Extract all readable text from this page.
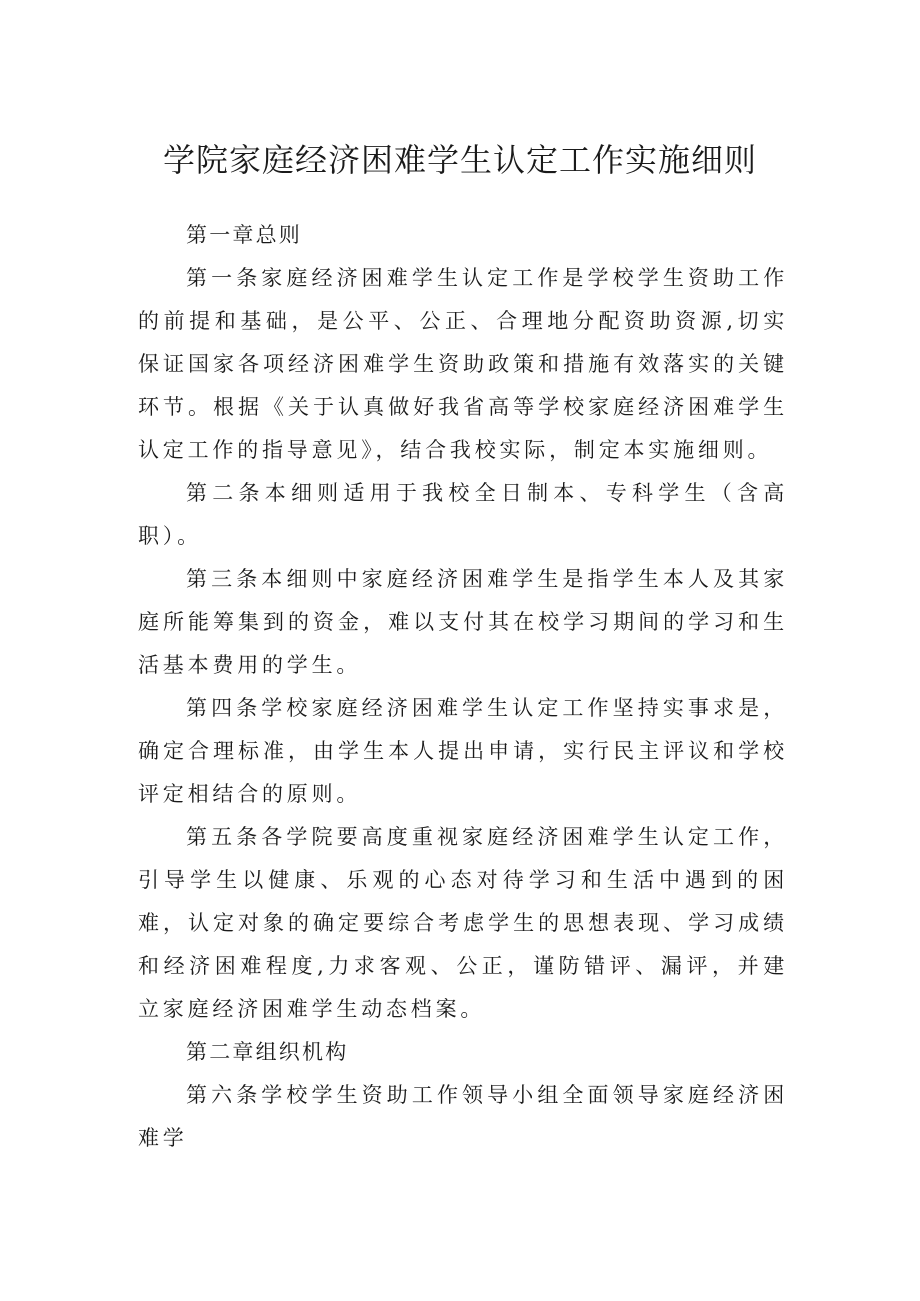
学院家庭经济困难学生认定工作实施细则

第一章总则

第一条家庭经济困难学生认定工作是学校学生资助工作的前提和基础，是公平、公正、合理地分配资助资源,切实保证国家各项经济困难学生资助政策和措施有效落实的关键环节。根据《关于认真做好我省高等学校家庭经济困难学生认定工作的指导意见》，结合我校实际，制定本实施细则。

第二条本细则适用于我校全日制本、专科学生（含高职）。

第三条本细则中家庭经济困难学生是指学生本人及其家庭所能筹集到的资金，难以支付其在校学习期间的学习和生活基本费用的学生。

第四条学校家庭经济困难学生认定工作坚持实事求是，确定合理标准，由学生本人提出申请，实行民主评议和学校评定相结合的原则。

第五条各学院要高度重视家庭经济困难学生认定工作，引导学生以健康、乐观的心态对待学习和生活中遇到的困难，认定对象的确定要综合考虑学生的思想表现、学习成绩和经济困难程度,力求客观、公正，谨防错评、漏评，并建立家庭经济困难学生动态档案。

第二章组织机构

第六条学校学生资助工作领导小组全面领导家庭经济困难学
